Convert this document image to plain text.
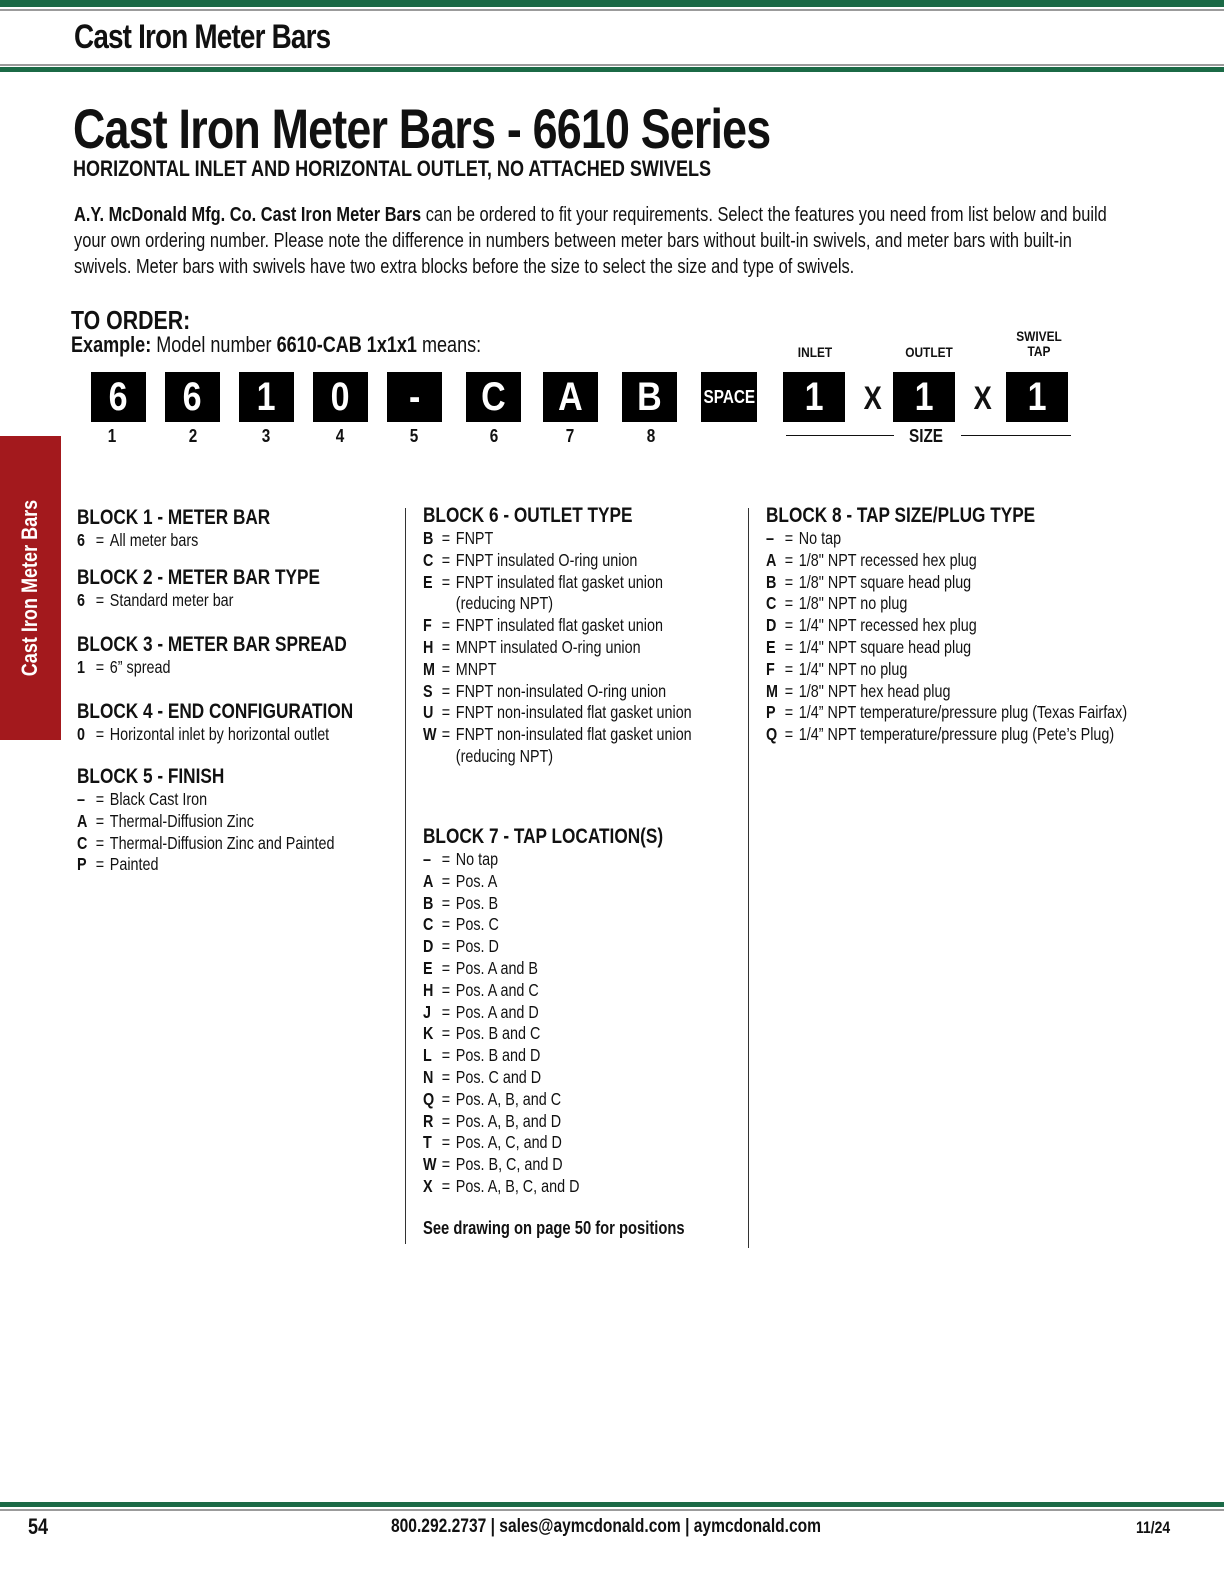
Cast Iron Meter Bars
Cast Iron Meter Bars
Cast Iron Meter Bars - 6610 Series
HORIZONTAL INLET AND HORIZONTAL OUTLET, NO ATTACHED SWIVELS
A.Y. McDonald Mfg. Co. Cast Iron Meter Bars can be ordered to fit your requirements. Select the features you need from list below and build your own ordering number. Please note the difference in numbers between meter bars without built-in swivels, and meter bars with built-in swivels. Meter bars with swivels have two extra blocks before the size to select the size and type of swivels.
TO ORDER:
Example: Model number 6610-CAB 1x1x1 means:	INLET	OUTLET
SWIVEL
TAP
6 6 1 0 - C A B SPACE 1 X 1 X 1
1	2	3	4	5	6	7	8	SIZE
BLOCK 1 - METER BAR
6 = All meter bars
BLOCK 2 - METER BAR TYPE
6 = Standard meter bar
BLOCK 3 - METER BAR SPREAD
1 = 6” spread
BLOCK 4 - END CONFIGURATION
0 = Horizontal inlet by horizontal outlet
BLOCK 5 - FINISH
– = Black Cast Iron
A = Thermal-Diffusion Zinc
C = Thermal-Diffusion Zinc and Painted
P = Painted
BLOCK 6 - OUTLET TYPE
B = FNPT
C = FNPT insulated O-ring union
E = FNPT insulated flat gasket union (reducing NPT)
F = FNPT insulated flat gasket union
H = MNPT insulated O-ring union
M = MNPT
S = FNPT non-insulated O-ring union
U = FNPT non-insulated flat gasket union
W = FNPT non-insulated flat gasket union (reducing NPT)
BLOCK 7 - TAP LOCATION(S)
– = No tap
A = Pos. A
B = Pos. B
C = Pos. C
D = Pos. D
E = Pos. A and B
H = Pos. A and C
J = Pos. A and D
K = Pos. B and C
L = Pos. B and D
N = Pos. C and D
Q = Pos. A, B, and C
R = Pos. A, B, and D
T = Pos. A, C, and D
W = Pos. B, C, and D
X = Pos. A, B, C, and D
See drawing on page 50 for positions
BLOCK 8 - TAP SIZE/PLUG TYPE
– = No tap
A = 1/8" NPT recessed hex plug
B = 1/8" NPT square head plug
C = 1/8" NPT no plug
D = 1/4" NPT recessed hex plug
E = 1/4" NPT square head plug
F = 1/4" NPT no plug
M = 1/8" NPT hex head plug
P = 1/4” NPT temperature/pressure plug (Texas Fairfax)
Q = 1/4” NPT temperature/pressure plug (Pete’s Plug)
54	800.292.2737 | sales@aymcdonald.com | aymcdonald.com	11/24
